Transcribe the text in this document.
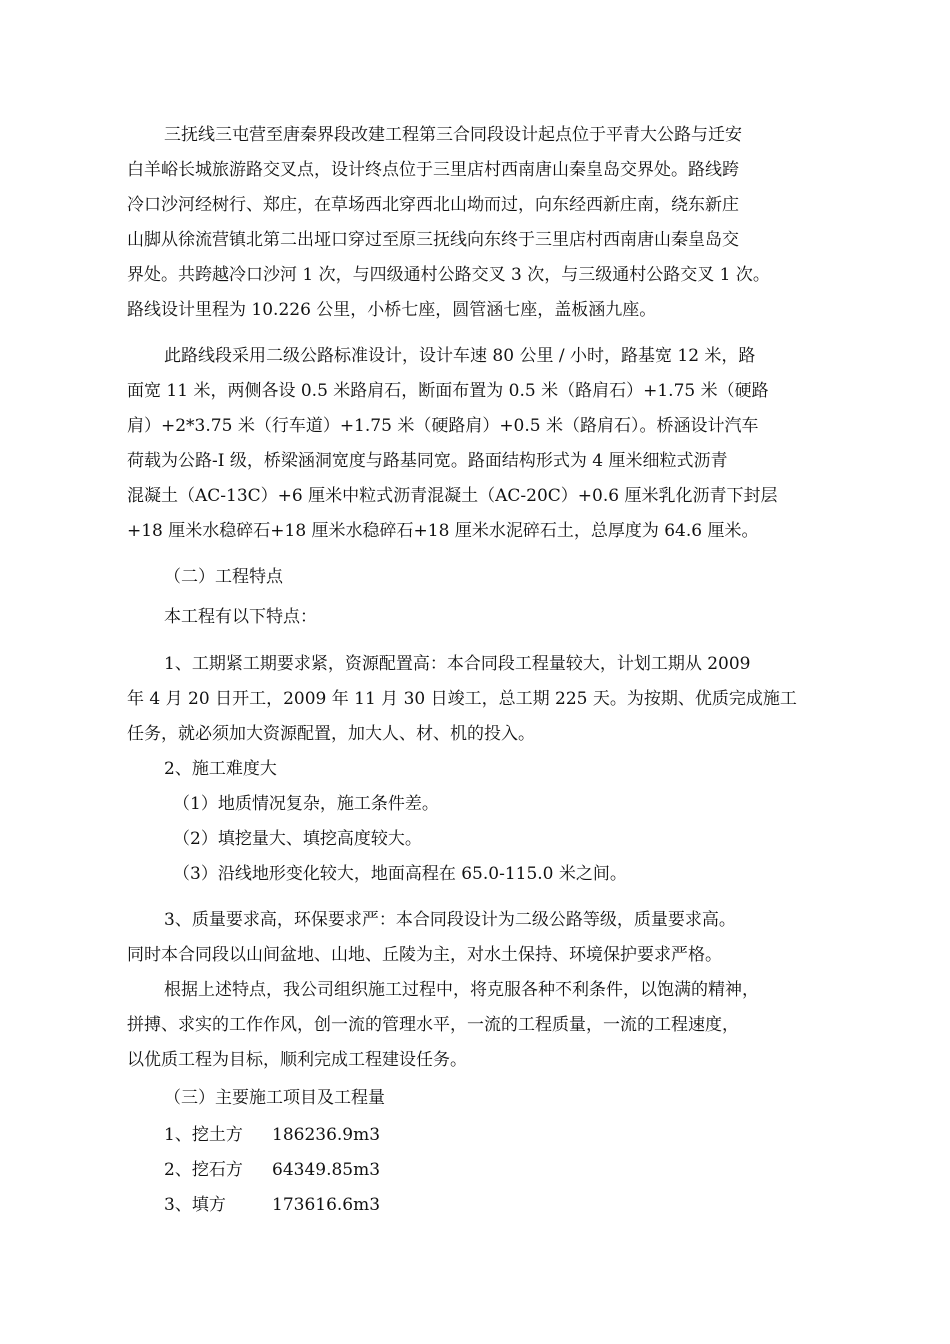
三抚线三屯营至唐秦界段改建工程第三合同段设计起点位于平青大公路与迁安
白羊峪长城旅游路交叉点，设计终点位于三里店村西南唐山秦皇岛交界处。路线跨
冷口沙河经树行、郑庄，在草场西北穿西北山坳而过，向东经西新庄南，绕东新庄
山脚从徐流营镇北第二出垭口穿过至原三抚线向东终于三里店村西南唐山秦皇岛交
界处。共跨越冷口沙河 1 次，与四级通村公路交叉 3 次，与三级通村公路交叉 1 次。
路线设计里程为 10.226 公里，小桥七座，圆管涵七座，盖板涵九座。
此路线段采用二级公路标准设计，设计车速 80 公里 / 小时，路基宽 12 米，路
面宽 11 米，两侧各设 0.5 米路肩石，断面布置为 0.5 米（路肩石）+1.75 米（硬路
肩）+2*3.75 米（行车道）+1.75 米（硬路肩）+0.5 米（路肩石）。桥涵设计汽车
荷载为公路-Ⅰ 级，桥梁涵洞宽度与路基同宽。路面结构形式为 4 厘米细粒式沥青
混凝土（AC-13C）+6 厘米中粒式沥青混凝土（AC-20C）+0.6 厘米乳化沥青下封层
+18 厘米水稳碎石+18 厘米水稳碎石+18 厘米水泥碎石土，总厚度为 64.6 厘米。
（二）工程特点
本工程有以下特点：
1、工期紧工期要求紧，资源配置高：本合同段工程量较大，计划工期从 2009
年 4 月 20 日开工，2009 年 11 月 30 日竣工，总工期 225 天。为按期、优质完成施工
任务，就必须加大资源配置，加大人、材、机的投入。
2、施工难度大
（1）地质情况复杂，施工条件差。
（2）填挖量大、填挖高度较大。
（3）沿线地形变化较大，地面高程在 65.0-115.0 米之间。
3、质量要求高，环保要求严：本合同段设计为二级公路等级，质量要求高。
同时本合同段以山间盆地、山地、丘陵为主，对水土保持、环境保护要求严格。
根据上述特点，我公司组织施工过程中，将克服各种不利条件，以饱满的精神，
拼搏、求实的工作作风，创一流的管理水平，一流的工程质量，一流的工程速度，
以优质工程为目标，顺利完成工程建设任务。
（三）主要施工项目及工程量
1、挖土方 186236.9m3
2、挖石方 64349.85m3
3、填方	173616.6m3
